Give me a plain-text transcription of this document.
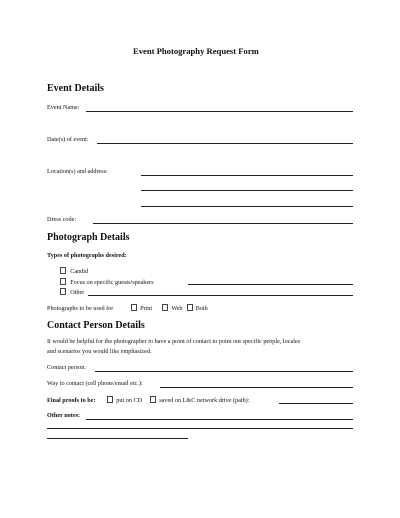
Event Photography Request Form
Event Details
Event Name:
Date(s) of event:
Location(s) and address:
Dress code:
Photograph Details
Types of photographs desired:
Candid
Focus on specific guests/speakers
Other
Photographs to be used for	Print	Web Both
Contact Person Details
It would be helpful for the photographer to have a point of contact to point out specific people, locales
and scenarios you would like emphasized.
Contact person:
Way to contact (cell phone/email etc.):
Final proofs to be:	put on CD	saved on L&C network drive (path):
Other notes:
